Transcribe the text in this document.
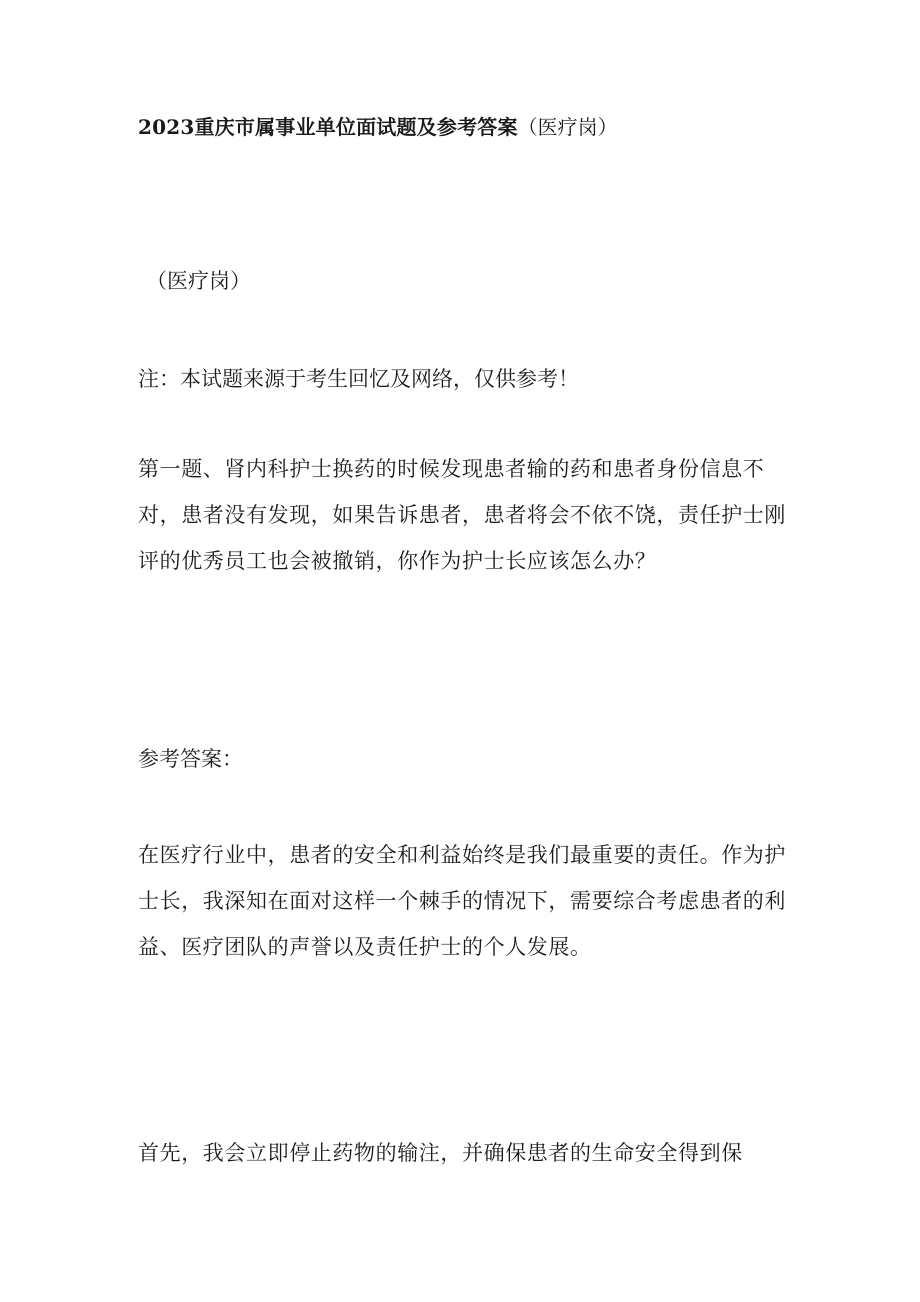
2023重庆市属事业单位面试题及参考答案（医疗岗）

（医疗岗）

注：本试题来源于考生回忆及网络，仅供参考！

第一题、肾内科护士换药的时候发现患者输的药和患者身份信息不对，患者没有发现，如果告诉患者，患者将会不依不饶，责任护士刚评的优秀员工也会被撤销，你作为护士长应该怎么办？

参考答案：

在医疗行业中，患者的安全和利益始终是我们最重要的责任。作为护士长，我深知在面对这样一个棘手的情况下，需要综合考虑患者的利益、医疗团队的声誉以及责任护士的个人发展。

首先，我会立即停止药物的输注，并确保患者的生命安全得到保
